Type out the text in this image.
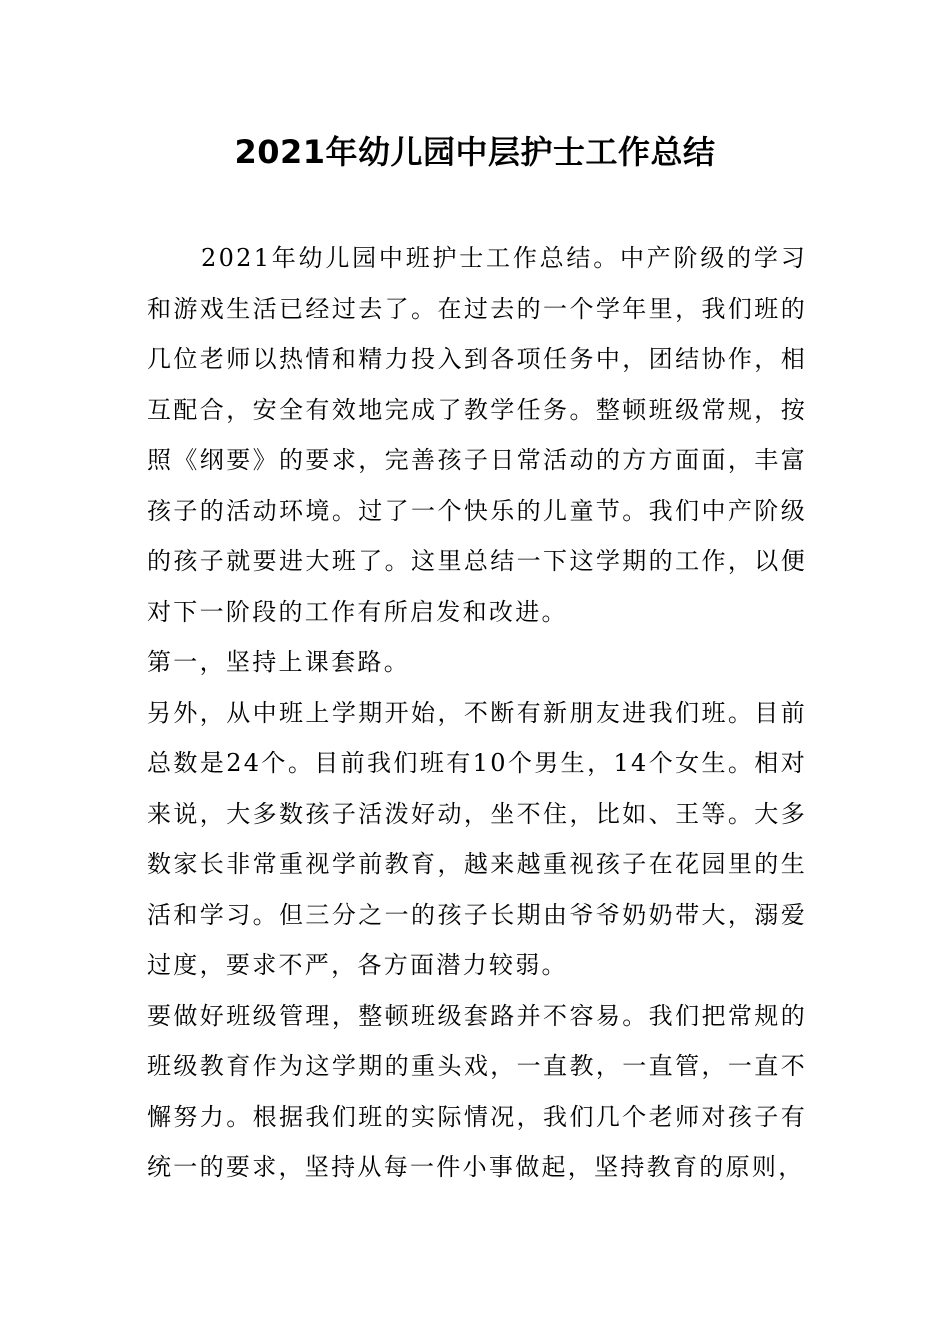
2021年幼儿园中层护士工作总结

2021年幼儿园中班护士工作总结。中产阶级的学习和游戏生活已经过去了。在过去的一个学年里，我们班的几位老师以热情和精力投入到各项任务中，团结协作，相互配合，安全有效地完成了教学任务。整顿班级常规，按照《纲要》的要求，完善孩子日常活动的方方面面，丰富孩子的活动环境。过了一个快乐的儿童节。我们中产阶级的孩子就要进大班了。这里总结一下这学期的工作，以便对下一阶段的工作有所启发和改进。

第一，坚持上课套路。

另外，从中班上学期开始，不断有新朋友进我们班。目前总数是24个。目前我们班有10个男生，14个女生。相对来说，大多数孩子活泼好动，坐不住，比如、王等。大多数家长非常重视学前教育，越来越重视孩子在花园里的生活和学习。但三分之一的孩子长期由爷爷奶奶带大，溺爱过度，要求不严，各方面潜力较弱。

要做好班级管理，整顿班级套路并不容易。我们把常规的班级教育作为这学期的重头戏，一直教，一直管，一直不懈努力。根据我们班的实际情况，我们几个老师对孩子有统一的要求，坚持从每一件小事做起，坚持教育的原则，
